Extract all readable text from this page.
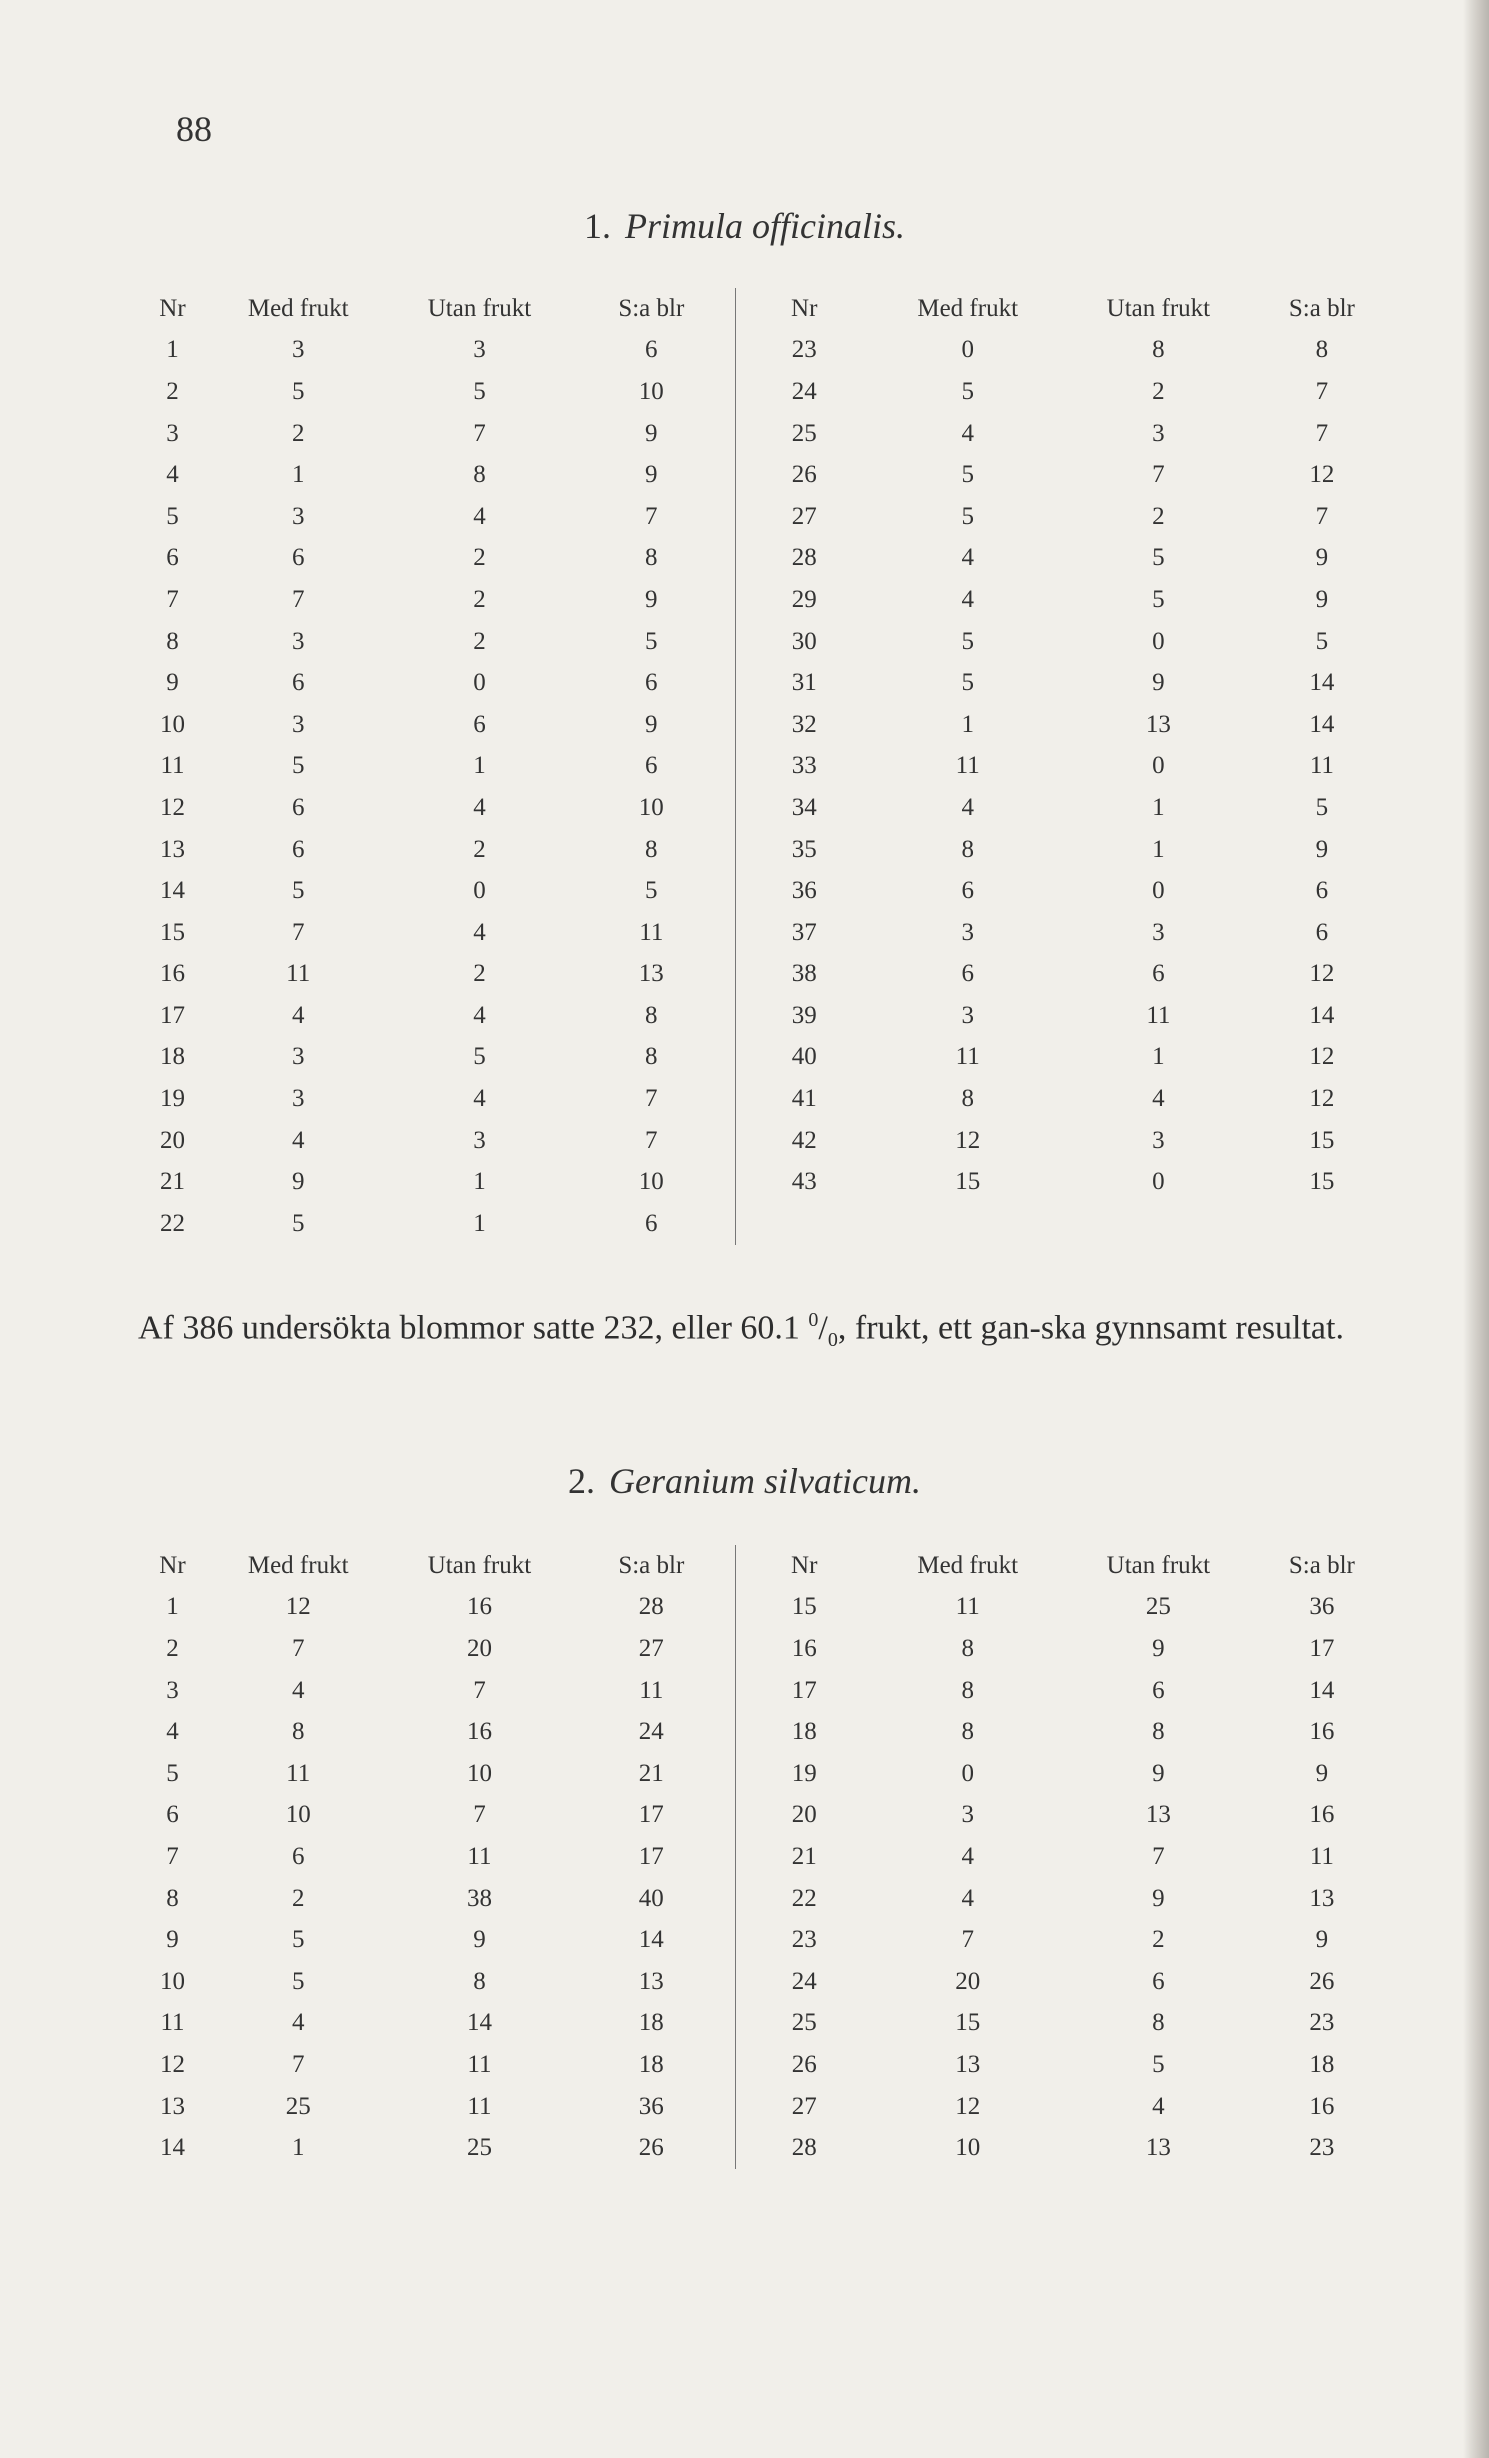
88
1. Primula officinalis.
Nr	Med frukt	Utan frukt	S:a blr	Nr	Med frukt	Utan frukt	S:a blr
1	3	3	6	23	0	8	8
2	5	5	10	24	5	2	7
3	2	7	9	25	4	3	7
4	1	8	9	26	5	7	12
5	3	4	7	27	5	2	7
6	6	2	8	28	4	5	9
7	7	2	9	29	4	5	9
8	3	2	5	30	5	0	5
9	6	0	6	31	5	9	14
10	3	6	9	32	1	13	14
11	5	1	6	33	11	0	11
12	6	4	10	34	4	1	5
13	6	2	8	35	8	1	9
14	5	0	5	36	6	0	6
15	7	4	11	37	3	3	6
16	11	2	13	38	6	6	12
17	4	4	8	39	3	11	14
18	3	5	8	40	11	1	12
19	3	4	7	41	8	4	12
20	4	3	7	42	12	3	15
21	9	1	10	43	15	0	15
22	5	1	6				
Af 386 undersökta blommor satte 232, eller 60.1 $^0/_0$, frukt, ett gan-ska gynnsamt resultat.
2. Geranium silvaticum.
Nr	Med frukt	Utan frukt	S:a blr	Nr	Med frukt	Utan frukt	S:a blr
1	12	16	28	15	11	25	36
2	7	20	27	16	8	9	17
3	4	7	11	17	8	6	14
4	8	16	24	18	8	8	16
5	11	10	21	19	0	9	9
6	10	7	17	20	3	13	16
7	6	11	17	21	4	7	11
8	2	38	40	22	4	9	13
9	5	9	14	23	7	2	9
10	5	8	13	24	20	6	26
11	4	14	18	25	15	8	23
12	7	11	18	26	13	5	18
13	25	11	36	27	12	4	16
14	1	25	26	28	10	13	23
